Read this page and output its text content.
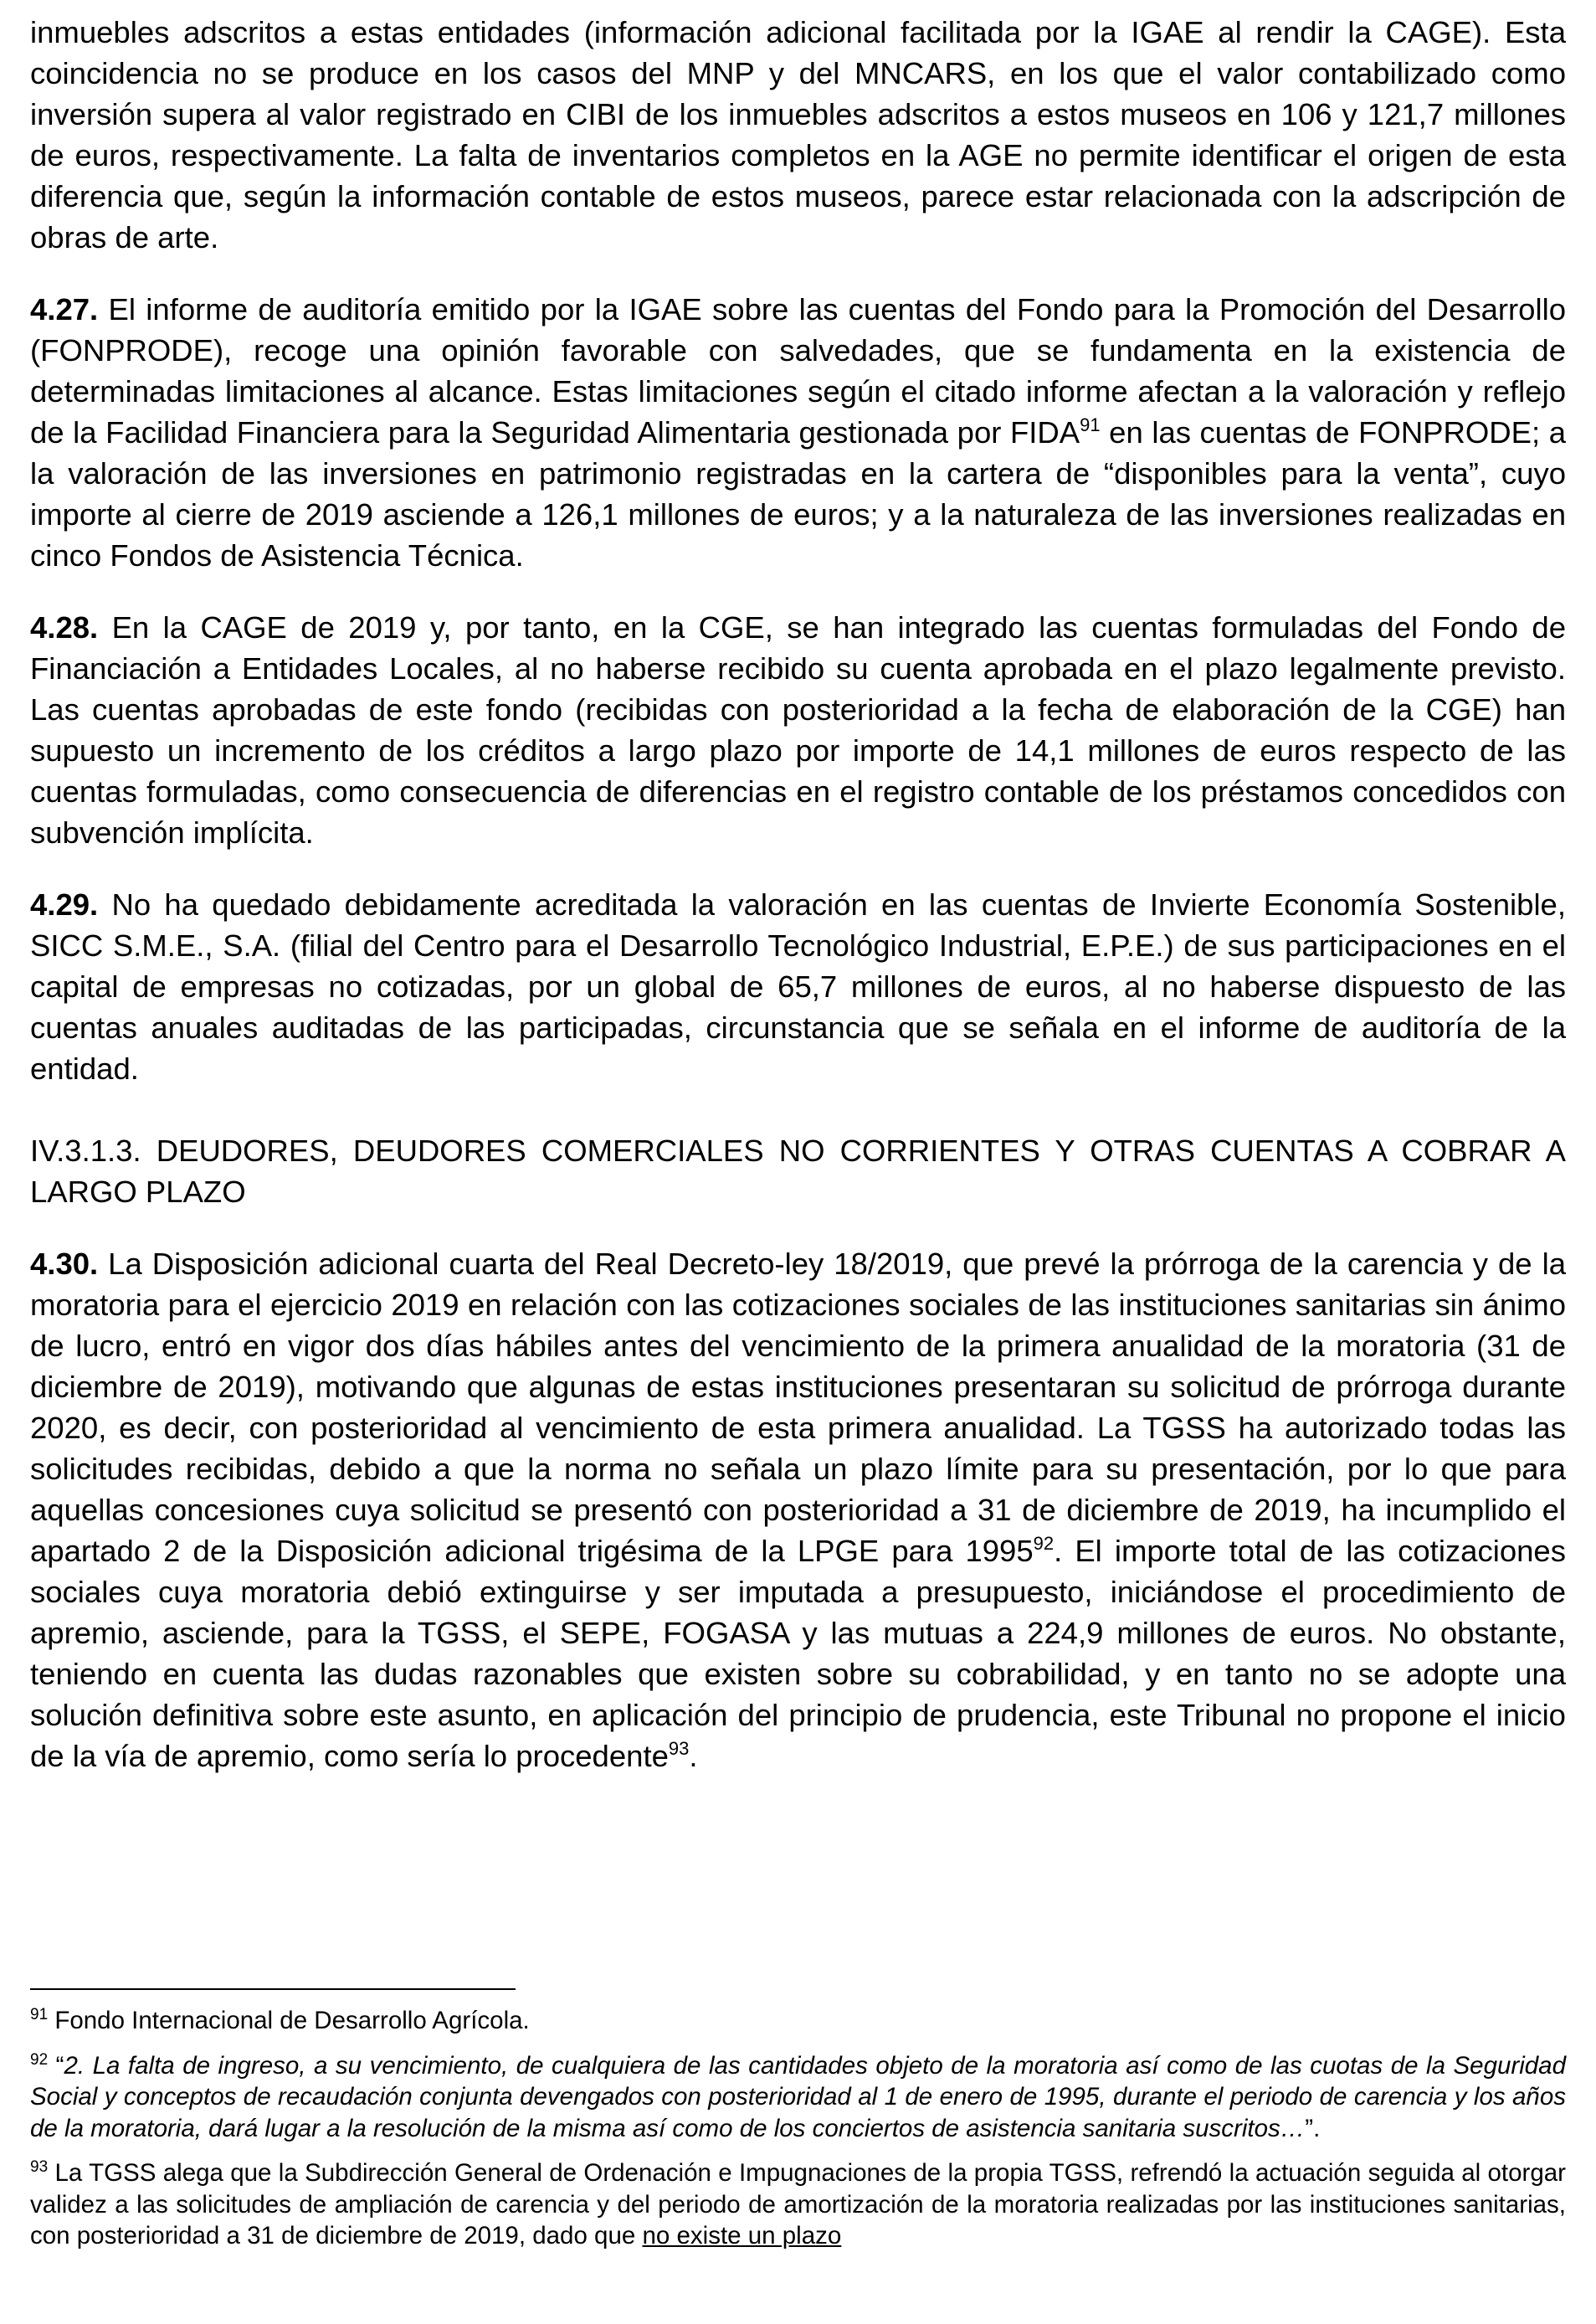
inmuebles adscritos a estas entidades (información adicional facilitada por la IGAE al rendir la CAGE). Esta coincidencia no se produce en los casos del MNP y del MNCARS, en los que el valor contabilizado como inversión supera al valor registrado en CIBI de los inmuebles adscritos a estos museos en 106 y 121,7 millones de euros, respectivamente. La falta de inventarios completos en la AGE no permite identificar el origen de esta diferencia que, según la información contable de estos museos, parece estar relacionada con la adscripción de obras de arte.

4.27. El informe de auditoría emitido por la IGAE sobre las cuentas del Fondo para la Promoción del Desarrollo (FONPRODE), recoge una opinión favorable con salvedades, que se fundamenta en la existencia de determinadas limitaciones al alcance. Estas limitaciones según el citado informe afectan a la valoración y reflejo de la Facilidad Financiera para la Seguridad Alimentaria gestionada por FIDA$^{91}$ en las cuentas de FONPRODE; a la valoración de las inversiones en patrimonio registradas en la cartera de “disponibles para la venta”, cuyo importe al cierre de 2019 asciende a 126,1 millones de euros; y a la naturaleza de las inversiones realizadas en cinco Fondos de Asistencia Técnica.

4.28. En la CAGE de 2019 y, por tanto, en la CGE, se han integrado las cuentas formuladas del Fondo de Financiación a Entidades Locales, al no haberse recibido su cuenta aprobada en el plazo legalmente previsto. Las cuentas aprobadas de este fondo (recibidas con posterioridad a la fecha de elaboración de la CGE) han supuesto un incremento de los créditos a largo plazo por importe de 14,1 millones de euros respecto de las cuentas formuladas, como consecuencia de diferencias en el registro contable de los préstamos concedidos con subvención implícita.

4.29. No ha quedado debidamente acreditada la valoración en las cuentas de Invierte Economía Sostenible, SICC S.M.E., S.A. (filial del Centro para el Desarrollo Tecnológico Industrial, E.P.E.) de sus participaciones en el capital de empresas no cotizadas, por un global de 65,7 millones de euros, al no haberse dispuesto de las cuentas anuales auditadas de las participadas, circunstancia que se señala en el informe de auditoría de la entidad.

IV.3.1.3. DEUDORES, DEUDORES COMERCIALES NO CORRIENTES Y OTRAS CUENTAS A COBRAR A LARGO PLAZO

4.30. La Disposición adicional cuarta del Real Decreto-ley 18/2019, que prevé la prórroga de la carencia y de la moratoria para el ejercicio 2019 en relación con las cotizaciones sociales de las instituciones sanitarias sin ánimo de lucro, entró en vigor dos días hábiles antes del vencimiento de la primera anualidad de la moratoria (31 de diciembre de 2019), motivando que algunas de estas instituciones presentaran su solicitud de prórroga durante 2020, es decir, con posterioridad al vencimiento de esta primera anualidad. La TGSS ha autorizado todas las solicitudes recibidas, debido a que la norma no señala un plazo límite para su presentación, por lo que para aquellas concesiones cuya solicitud se presentó con posterioridad a 31 de diciembre de 2019, ha incumplido el apartado 2 de la Disposición adicional trigésima de la LPGE para 1995$^{92}$. El importe total de las cotizaciones sociales cuya moratoria debió extinguirse y ser imputada a presupuesto, iniciándose el procedimiento de apremio, asciende, para la TGSS, el SEPE, FOGASA y las mutuas a 224,9 millones de euros. No obstante, teniendo en cuenta las dudas razonables que existen sobre su cobrabilidad, y en tanto no se adopte una solución definitiva sobre este asunto, en aplicación del principio de prudencia, este Tribunal no propone el inicio de la vía de apremio, como sería lo procedente$^{93}$.

$^{91}$ Fondo Internacional de Desarrollo Agrícola.

$^{92}$ “2. La falta de ingreso, a su vencimiento, de cualquiera de las cantidades objeto de la moratoria así como de las cuotas de la Seguridad Social y conceptos de recaudación conjunta devengados con posterioridad al 1 de enero de 1995, durante el periodo de carencia y los años de la moratoria, dará lugar a la resolución de la misma así como de los conciertos de asistencia sanitaria suscritos…”.

$^{93}$ La TGSS alega que la Subdirección General de Ordenación e Impugnaciones de la propia TGSS, refrendó la actuación seguida al otorgar validez a las solicitudes de ampliación de carencia y del periodo de amortización de la moratoria realizadas por las instituciones sanitarias, con posterioridad a 31 de diciembre de 2019, dado que no existe un plazo
